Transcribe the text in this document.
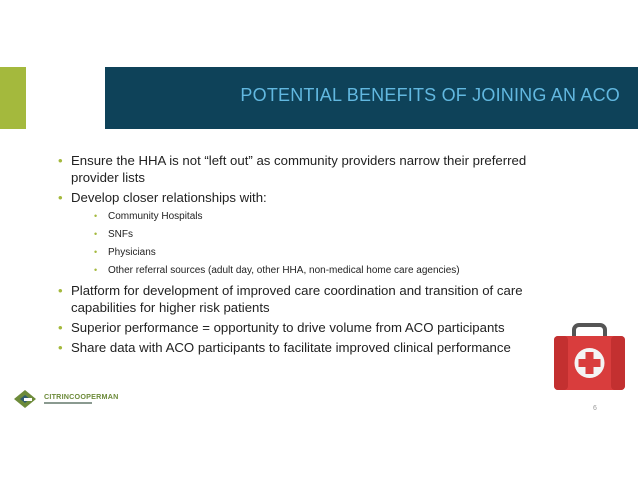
POTENTIAL BENEFITS OF JOINING AN ACO
• Ensure the HHA is not “left out” as community providers narrow their preferred provider lists
• Develop closer relationships with:
• Community Hospitals
• SNFs
• Physicians
• Other referral sources (adult day, other HHA, non-medical home care agencies)
• Platform for development of improved care coordination and transition of care capabilities for higher risk patients
• Superior performance = opportunity to drive volume from ACO participants
• Share data with ACO participants to facilitate improved clinical performance
CITRINCOOPERMAN
6
